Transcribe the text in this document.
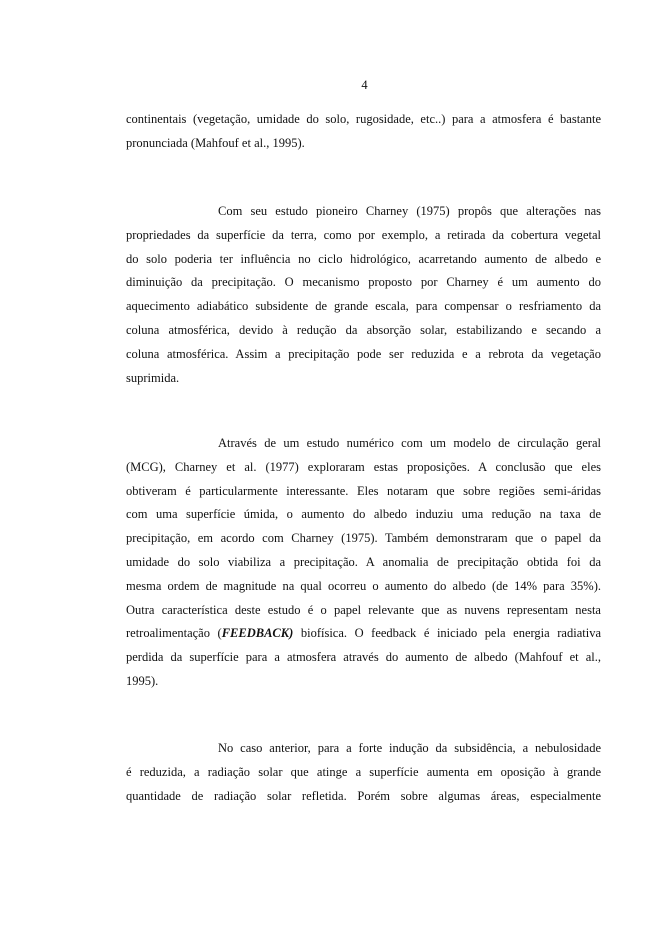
4

continentais (vegetação, umidade do solo, rugosidade, etc..) para a atmosfera é bastante
pronunciada (Mahfouf et al., 1995).

Com seu estudo pioneiro Charney (1975) propôs que alterações nas
propriedades da superfície da terra, como por exemplo, a retirada da cobertura vegetal
do solo poderia ter influência no ciclo hidrológico, acarretando aumento de albedo e
diminuição da precipitação. O mecanismo proposto por Charney é um aumento do
aquecimento adiabático subsidente de grande escala, para compensar o resfriamento da
coluna atmosférica, devido à redução da absorção solar, estabilizando e secando a
coluna atmosférica. Assim a precipitação pode ser reduzida e a rebrota da vegetação
suprimida.

Através de um estudo numérico com um modelo de circulação geral
(MCG), Charney et al. (1977) exploraram estas proposições. A conclusão que eles
obtiveram é particularmente interessante. Eles notaram que sobre regiões semi-áridas
com uma superfície úmida, o aumento do albedo induziu uma redução na taxa de
precipitação, em acordo com Charney (1975). Também demonstraram que o papel da
umidade do solo viabiliza a precipitação. A anomalia de precipitação obtida foi da
mesma ordem de magnitude na qual ocorreu o aumento do albedo (de 14% para 35%).
Outra característica deste estudo é o papel relevante que as nuvens representam nesta
retroalimentação (FEEDBACK) biofísica. O feedback é iniciado pela energia radiativa
perdida da superfície para a atmosfera através do aumento de albedo (Mahfouf et al.,
1995).

No caso anterior, para a forte indução da subsidência, a nebulosidade
é reduzida, a radiação solar que atinge a superfície aumenta em oposição à grande
quantidade de radiação solar refletida. Porém sobre algumas áreas, especialmente
